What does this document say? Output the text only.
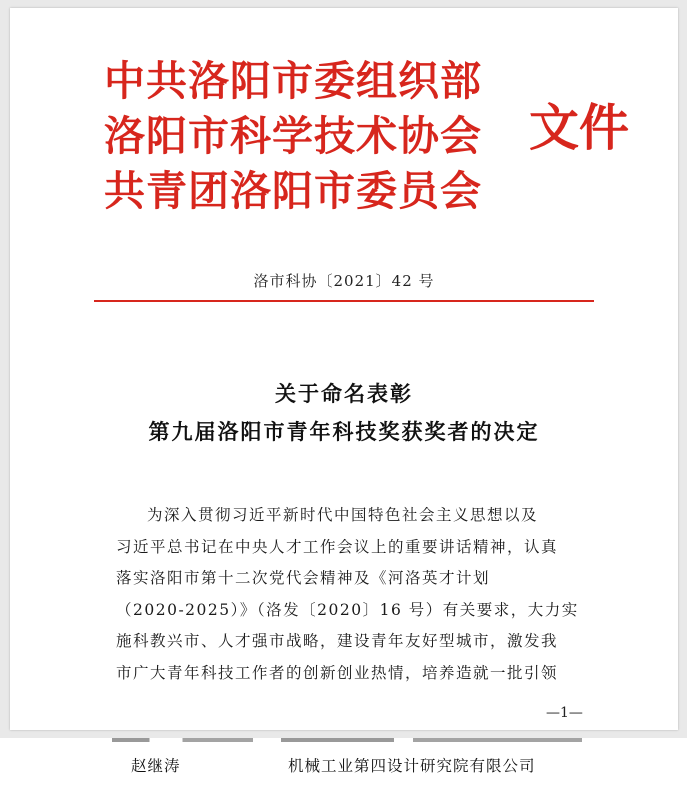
中共洛阳市委组织部
洛阳市科学技术协会
共青团洛阳市委员会
文件
洛市科协〔2021〕42 号
关于命名表彰
第九届洛阳市青年科技奖获奖者的决定
为深入贯彻习近平新时代中国特色社会主义思想以及
习近平总书记在中央人才工作会议上的重要讲话精神，认真
落实洛阳市第十二次党代会精神及《河洛英才计划
（2020-2025）》（洛发〔2020〕16 号）有关要求，大力实
施科教兴市、人才强市战略，建设青年友好型城市，激发我
市广大青年科技工作者的创新创业热情，培养造就一批引领
—1—
赵继涛	机械工业第四设计研究院有限公司
